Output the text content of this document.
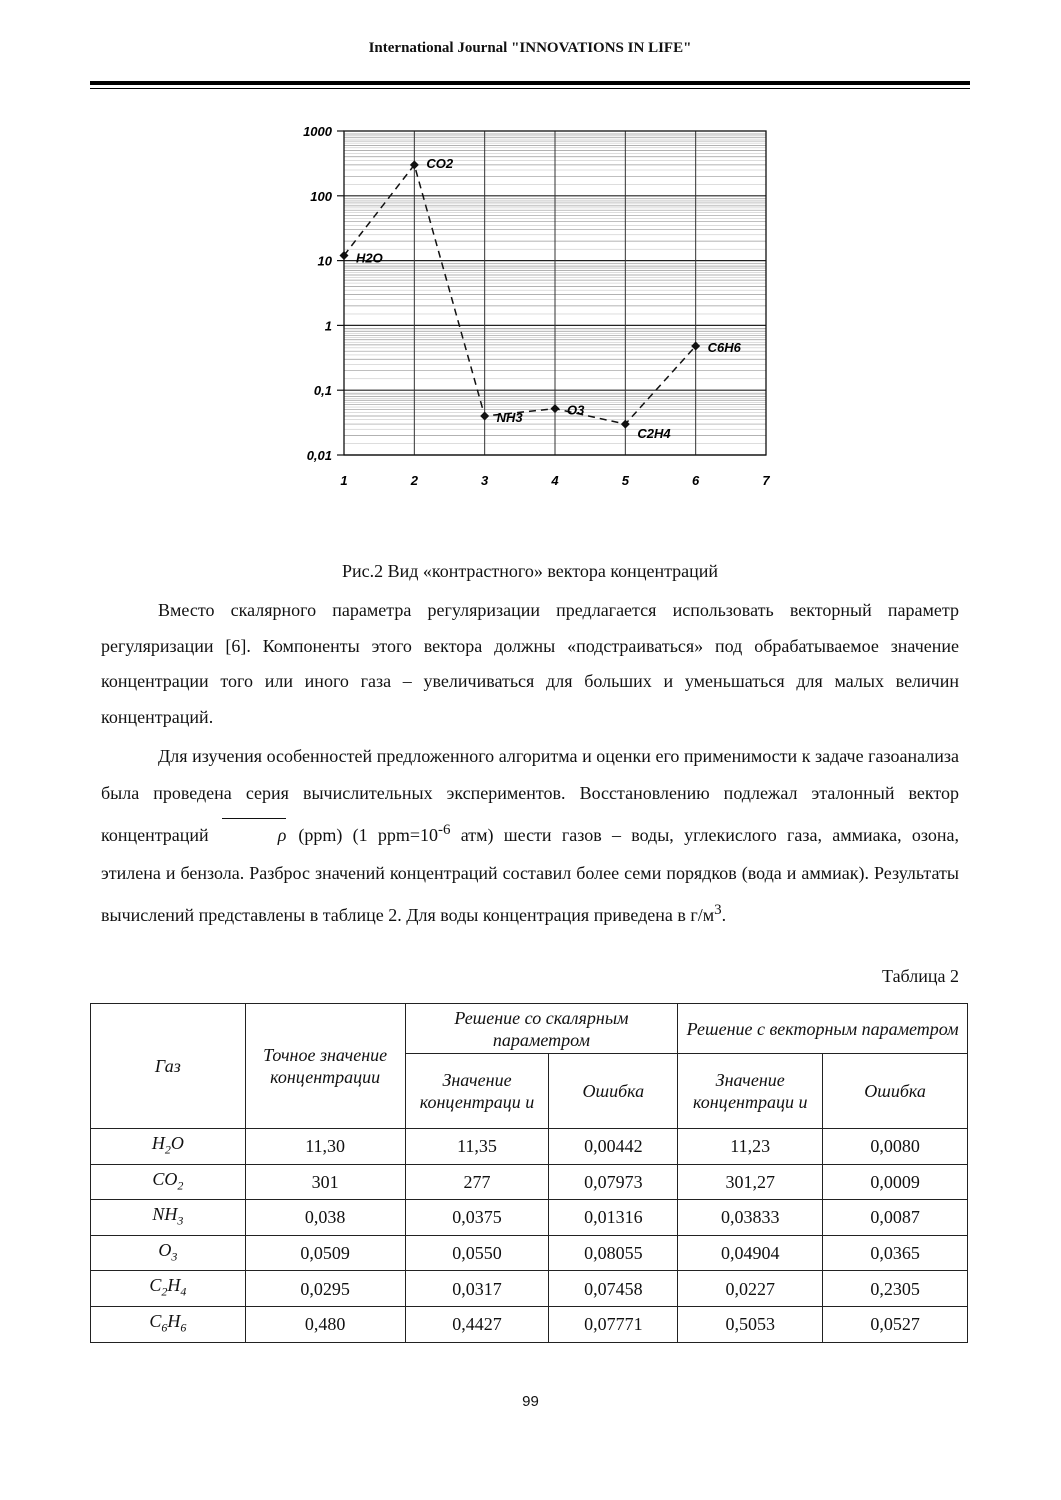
International Journal "INNOVATIONS IN LIFE"
0,01
0,1
1
10
100
1000
1	2	3	4	5	6	7
H2O
CO2
NH3	O3
C2H4
C6H6
Рис.2 Вид «контрастного» вектора концентраций
Вместо скалярного параметра регуляризации предлагается использовать векторный параметр регуляризации [6]. Компоненты этого вектора должны «подстраиваться» под обрабатываемое значение концентрации того или иного газа – увеличиваться для больших и уменьшаться для малых величин концентраций.
Для изучения особенностей предложенного алгоритма и оценки его применимости к задаче газоанализа была проведена серия вычислительных экспериментов. Восстановлению подлежал эталонный вектор концентраций	ρ (ppm) (1 $ppm=10^{-6}$ атм) шести газов – воды, углекислого газа, аммиака, озона, этилена и бензола. Разброс значений концентраций составил более семи порядков (вода и аммиак). Результаты вычислений представлены в таблице 2. Для воды концентрация приведена в $г/м^3$.
Таблица 2
Газ	Точное значение концентрации	Решение со скалярным параметром		Решение с векторным параметром	
		Значение концентраци и	Ошибка	Значение концентраци и	Ошибка
$H_2O$	11,30	11,35	0,00442	11,23	0,0080
$CO_2$	301	277	0,07973	301,27	0,0009
$NH_3$	0,038	0,0375	0,01316	0,03833	0,0087
$O_3$	0,0509	0,0550	0,08055	0,04904	0,0365
$C_2H_4$	0,0295	0,0317	0,07458	0,0227	0,2305
$C_6H_6$	0,480	0,4427	0,07771	0,5053	0,0527
99
